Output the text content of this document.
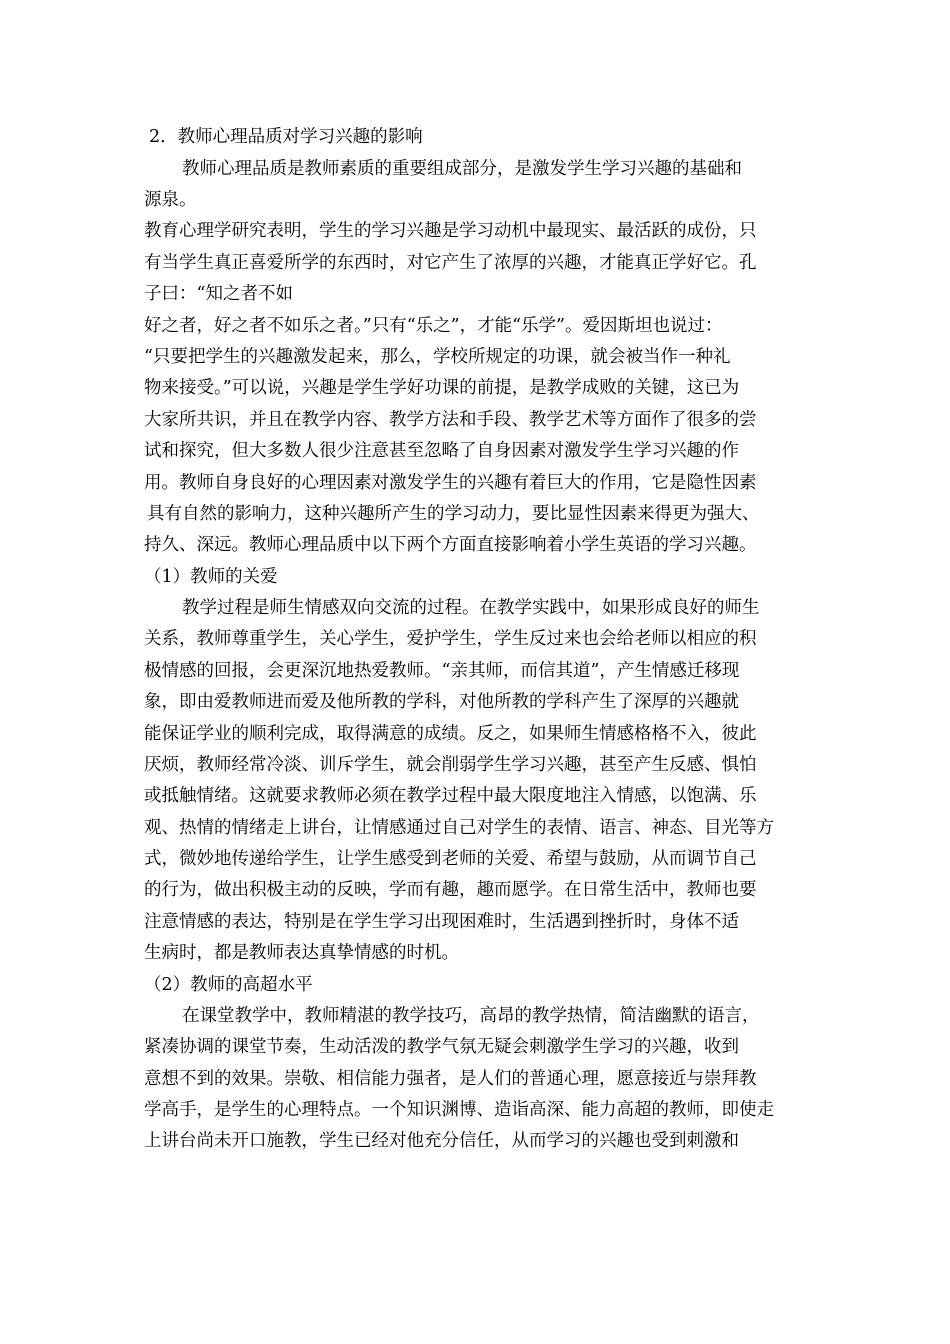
2．教师心理品质对学习兴趣的影响
教师心理品质是教师素质的重要组成部分，是激发学生学习兴趣的基础和
源泉。
教育心理学研究表明，学生的学习兴趣是学习动机中最现实、最活跃的成份，只
有当学生真正喜爱所学的东西时，对它产生了浓厚的兴趣，才能真正学好它。孔
子曰：“知之者不如
好之者，好之者不如乐之者。”只有“乐之”，才能“乐学”。爱因斯坦也说过：
“只要把学生的兴趣激发起来，那么，学校所规定的功课，就会被当作一种礼
物来接受。”可以说，兴趣是学生学好功课的前提，是教学成败的关键，这已为
大家所共识，并且在教学内容、教学方法和手段、教学艺术等方面作了很多的尝
试和探究，但大多数人很少注意甚至忽略了自身因素对激发学生学习兴趣的作
用。教师自身良好的心理因素对激发学生的兴趣有着巨大的作用，它是隐性因素
具有自然的影响力，这种兴趣所产生的学习动力，要比显性因素来得更为强大、
持久、深远。教师心理品质中以下两个方面直接影响着小学生英语的学习兴趣。
（1）教师的关爱
教学过程是师生情感双向交流的过程。在教学实践中，如果形成良好的师生
关系，教师尊重学生，关心学生，爱护学生，学生反过来也会给老师以相应的积
极情感的回报，会更深沉地热爱教师。“亲其师，而信其道”，产生情感迁移现
象，即由爱教师进而爱及他所教的学科，对他所教的学科产生了深厚的兴趣就
能保证学业的顺利完成，取得满意的成绩。反之，如果师生情感格格不入，彼此
厌烦，教师经常冷淡、训斥学生，就会削弱学生学习兴趣，甚至产生反感、惧怕
或抵触情绪。这就要求教师必须在教学过程中最大限度地注入情感，以饱满、乐
观、热情的情绪走上讲台，让情感通过自己对学生的表情、语言、神态、目光等方
式，微妙地传递给学生，让学生感受到老师的关爱、希望与鼓励，从而调节自己
的行为，做出积极主动的反映，学而有趣，趣而愿学。在日常生活中，教师也要
注意情感的表达，特别是在学生学习出现困难时，生活遇到挫折时，身体不适
生病时，都是教师表达真挚情感的时机。
（2）教师的高超水平
在课堂教学中，教师精湛的教学技巧，高昂的教学热情，简洁幽默的语言，
紧凑协调的课堂节奏，生动活泼的教学气氛无疑会刺激学生学习的兴趣，收到
意想不到的效果。崇敬、相信能力强者，是人们的普通心理，愿意接近与崇拜教
学高手，是学生的心理特点。一个知识渊博、造诣高深、能力高超的教师，即使走
上讲台尚未开口施教，学生已经对他充分信任，从而学习的兴趣也受到刺激和
